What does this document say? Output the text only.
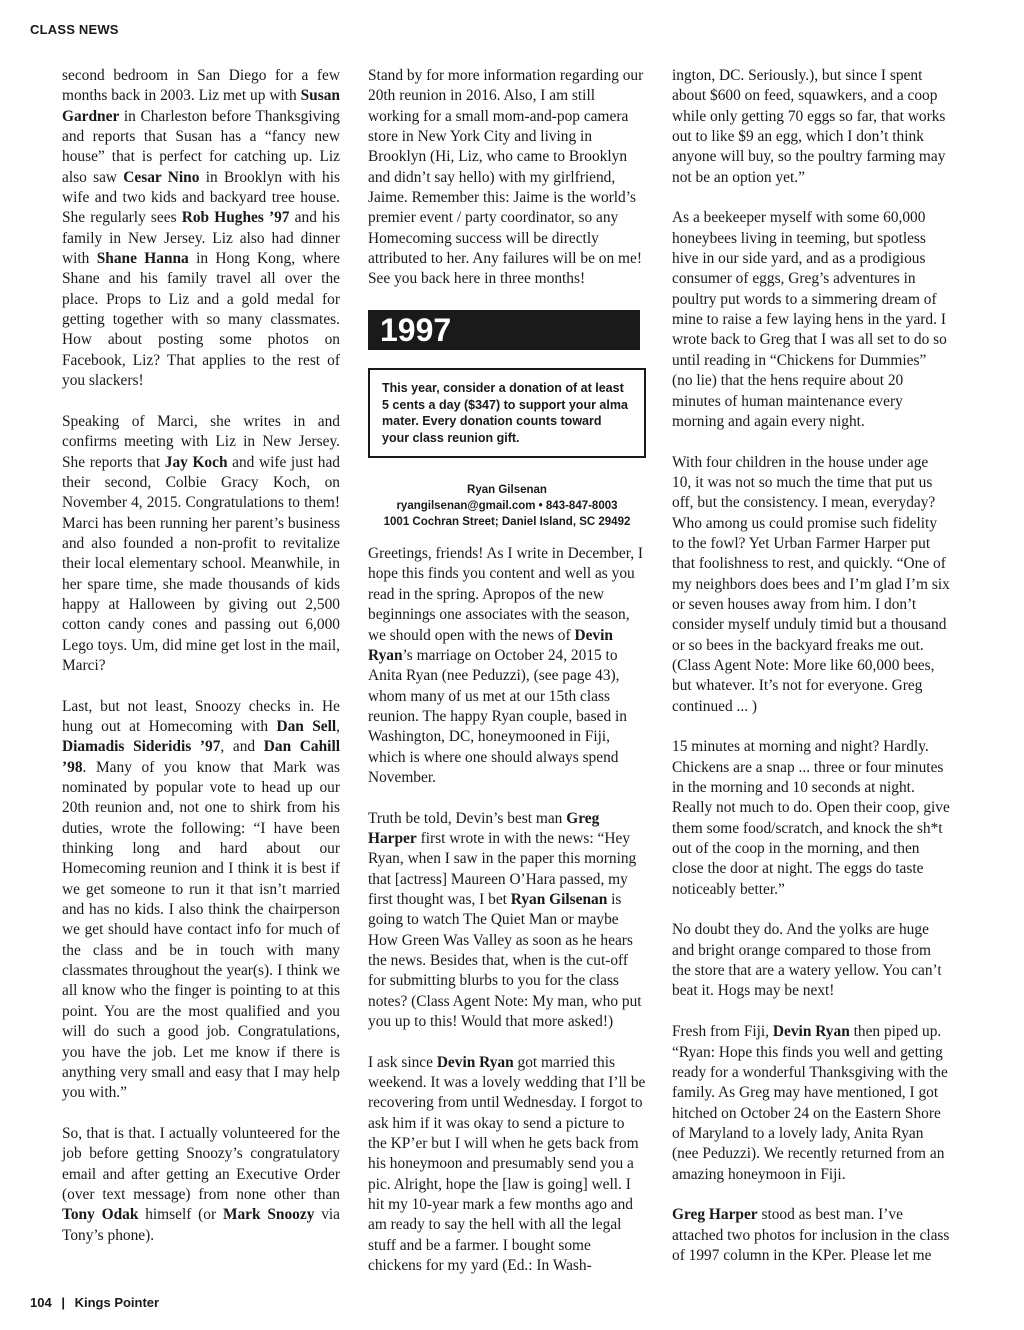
CLASS NEWS

second bedroom in San Diego for a few months back in 2003. Liz met up with Susan Gardner in Charleston before Thanksgiving and reports that Susan has a “fancy new house” that is perfect for catching up. Liz also saw Cesar Nino in Brooklyn with his wife and two kids and backyard tree house. She regularly sees Rob Hughes ’97 and his family in New Jersey. Liz also had dinner with Shane Hanna in Hong Kong, where Shane and his family travel all over the place. Props to Liz and a gold medal for getting together with so many classmates. How about posting some photos on Facebook, Liz? That applies to the rest of you slackers!

Speaking of Marci, she writes in and confirms meeting with Liz in New Jersey. She reports that Jay Koch and wife just had their second, Colbie Gracy Koch, on November 4, 2015. Congratulations to them! Marci has been running her parent’s business and also founded a non-profit to revitalize their local elementary school. Meanwhile, in her spare time, she made thousands of kids happy at Halloween by giving out 2,500 cotton candy cones and passing out 6,000 Lego toys. Um, did mine get lost in the mail, Marci?

Last, but not least, Snoozy checks in. He hung out at Homecoming with Dan Sell, Diamadis Sideridis ’97, and Dan Cahill ’98. Many of you know that Mark was nominated by popular vote to head up our 20th reunion and, not one to shirk from his duties, wrote the following: “I have been thinking long and hard about our Homecoming reunion and I think it is best if we get someone to run it that isn’t married and has no kids. I also think the chairperson we get should have contact info for much of the class and be in touch with many classmates throughout the year(s). I think we all know who the finger is pointing to at this point. You are the most qualified and you will do such a good job. Congratulations, you have the job. Let me know if there is anything very small and easy that I may help you with.”

So, that is that. I actually volunteered for the job before getting Snoozy’s congratulatory email and after getting an Executive Order (over text message) from none other than Tony Odak himself (or Mark Snoozy via Tony’s phone).

Stand by for more information regarding our 20th reunion in 2016. Also, I am still working for a small mom-and-pop camera store in New York City and living in Brooklyn (Hi, Liz, who came to Brooklyn and didn’t say hello) with my girlfriend, Jaime. Remember this: Jaime is the world’s premier event / party coordinator, so any Homecoming success will be directly attributed to her. Any failures will be on me! See you back here in three months!

1997
This year, consider a donation of at least 5 cents a day ($347) to support your alma mater. Every donation counts toward your class reunion gift.
Ryan Gilsenan
ryangilsenan@gmail.com • 843-847-8003
1001 Cochran Street; Daniel Island, SC 29492

Greetings, friends! As I write in December, I hope this finds you content and well as you read in the spring. Apropos of the new beginnings one associates with the season, we should open with the news of Devin Ryan’s marriage on October 24, 2015 to Anita Ryan (nee Peduzzi), (see page 43), whom many of us met at our 15th class reunion. The happy Ryan couple, based in Washington, DC, honeymooned in Fiji, which is where one should always spend November.

Truth be told, Devin’s best man Greg Harper first wrote in with the news: “Hey Ryan, when I saw in the paper this morning that [actress] Maureen O’Hara passed, my first thought was, I bet Ryan Gilsenan is going to watch The Quiet Man or maybe How Green Was Valley as soon as he hears the news. Besides that, when is the cut-off for submitting blurbs to you for the class notes? (Class Agent Note: My man, who put you up to this! Would that more asked!)

I ask since Devin Ryan got married this weekend. It was a lovely wedding that I’ll be recovering from until Wednesday. I forgot to ask him if it was okay to send a picture to the KP’er but I will when he gets back from his honeymoon and presumably send you a pic. Alright, hope the [law is going] well. I hit my 10-year mark a few months ago and am ready to say the hell with all the legal stuff and be a farmer. I bought some chickens for my yard (Ed.: In Wash-

ington, DC. Seriously.), but since I spent about $600 on feed, squawkers, and a coop while only getting 70 eggs so far, that works out to like $9 an egg, which I don’t think anyone will buy, so the poultry farming may not be an option yet.”

As a beekeeper myself with some 60,000 honeybees living in teeming, but spotless hive in our side yard, and as a prodigious consumer of eggs, Greg’s adventures in poultry put words to a simmering dream of mine to raise a few laying hens in the yard. I wrote back to Greg that I was all set to do so until reading in “Chickens for Dummies” (no lie) that the hens require about 20 minutes of human maintenance every morning and again every night.

With four children in the house under age 10, it was not so much the time that put us off, but the consistency. I mean, everyday? Who among us could promise such fidelity to the fowl? Yet Urban Farmer Harper put that foolishness to rest, and quickly. “One of my neighbors does bees and I’m glad I’m six or seven houses away from him. I don’t consider myself unduly timid but a thousand or so bees in the backyard freaks me out. (Class Agent Note: More like 60,000 bees, but whatever. It’s not for everyone. Greg continued ... )

15 minutes at morning and night? Hardly. Chickens are a snap ... three or four minutes in the morning and 10 seconds at night. Really not much to do. Open their coop, give them some food/scratch, and knock the sh*t out of the coop in the morning, and then close the door at night. The eggs do taste noticeably better.”

No doubt they do. And the yolks are huge and bright orange compared to those from the store that are a watery yellow. You can’t beat it. Hogs may be next!

Fresh from Fiji, Devin Ryan then piped up. “Ryan: Hope this finds you well and getting ready for a wonderful Thanksgiving with the family. As Greg may have mentioned, I got hitched on October 24 on the Eastern Shore of Maryland to a lovely lady, Anita Ryan (nee Peduzzi). We recently returned from an amazing honeymoon in Fiji.

Greg Harper stood as best man. I’ve attached two photos for inclusion in the class of 1997 column in the KPer. Please let me

104 | Kings Pointer
